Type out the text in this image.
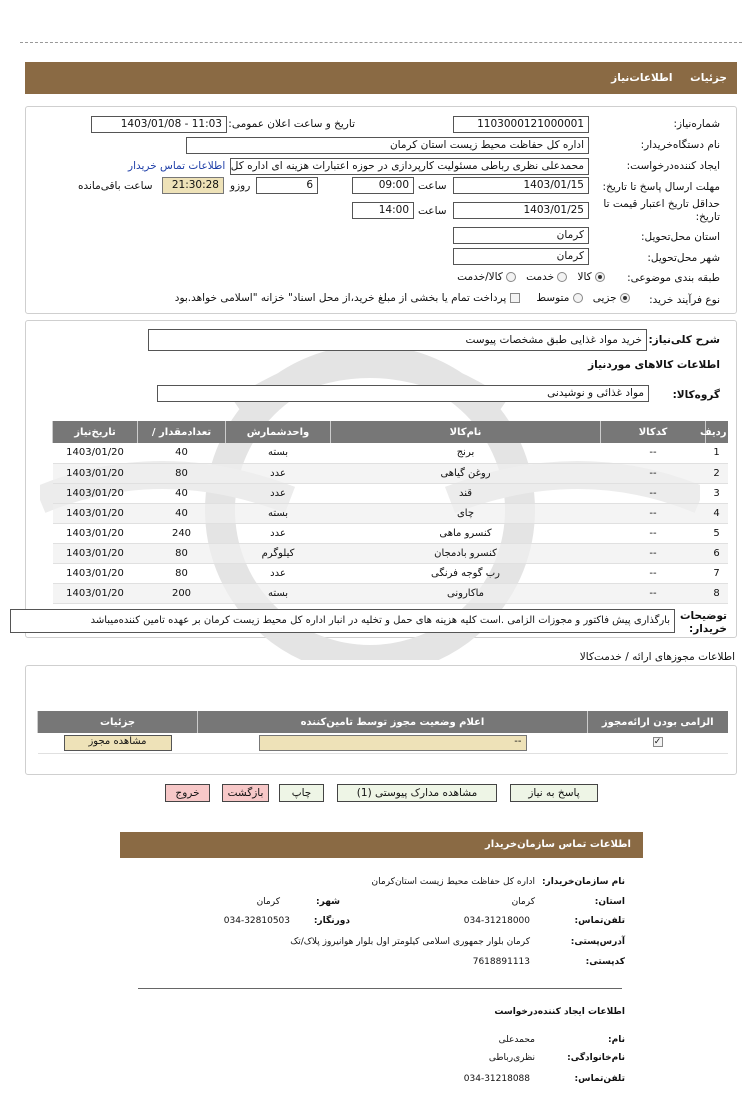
جزئیات اطلاعات‌نیاز
شماره‌نیاز:
1103000121000001
تاریخ و ساعت اعلان عمومی:
1403/01/08 - 11:03
نام دستگاه‌خریدار:
اداره کل حفاظت محیط زیست استان کرمان
ایجاد کننده‌درخواست:
محمدعلی نظری رباطی مسئولیت کارپردازی در حوزه اعتبارات هزینه ای اداره کل
اطلاعات تماس خریدار
مهلت ارسال پاسخ تا تاریخ:
1403/01/15
ساعت
09:00
6
روزو
21:30:28
ساعت باقی‌مانده
حداقل تاریخ اعتبار قیمت تا تاریخ:
1403/01/25
ساعت
14:00
استان محل‌تحویل:
کرمان
شهر محل‌تحویل:
کرمان
طبقه بندی موضوعی:
کالا    خدمت    کالا/خدمت
نوع فرآیند خرید:
جزیی    متوسط      پرداخت تمام یا بخشی از مبلغ خرید،از محل اسناد" خزانه "اسلامی خواهد.بود
شرح کلی‌نیاز:
خرید مواد غذایی طبق مشخصات پیوست
اطلاعات کالاهای موردنیاز
گروه‌کالا:
مواد غذائی و نوشیدنی
ردیف	کدکالا	نام‌کالا	واحدشمارش	تعدادمقدار /	تاریخ‌نیاز
1	--	برنج	بسته	40	1403/01/20
2	--	روغن گیاهی	عدد	80	1403/01/20
3	--	قند	عدد	40	1403/01/20
4	--	چای	بسته	40	1403/01/20
5	--	کنسرو ماهی	عدد	240	1403/01/20
6	--	کنسرو بادمجان	کیلوگرم	80	1403/01/20
7	--	رب گوجه فرنگی	عدد	80	1403/01/20
8	--	ماکارونی	بسته	200	1403/01/20
توضیحات خریدار:
بارگذاری پیش فاکتور و مجوزات الزامی .است کلیه هزینه های حمل و تخلیه در انبار اداره کل محیط زیست کرمان بر عهده تامین کننده‌میباشد
اطلاعات مجوزهای ارائه / خدمت‌کالا
الزامی بودن ارائه‌مجوز	اعلام وضعیت مجوز توسط تامین‌کننده	جزئیات
✓	--	مشاهده مجوز
پاسخ به نیاز
مشاهده مدارک پیوستی (1)
چاپ
بازگشت
خروج
اطلاعات تماس سازمان‌خریدار
نام سازمان‌خریدار:
اداره کل حفاظت محیط زیست استان‌کرمان
استان:
کرمان
شهر:
کرمان
تلفن‌تماس:
034-31218000
دورنگار:
034-32810503
آدرس‌پستی:
کرمان بلوار جمهوری اسلامی کیلومتر اول بلوار هوانیروز پلاک/تک
کدپستی:
7618891113
اطلاعات ایجاد کننده‌درخواست
نام:
محمدعلی
نام‌خانوادگی:
نظری‌رباطی
تلفن‌تماس:
034-31218088
